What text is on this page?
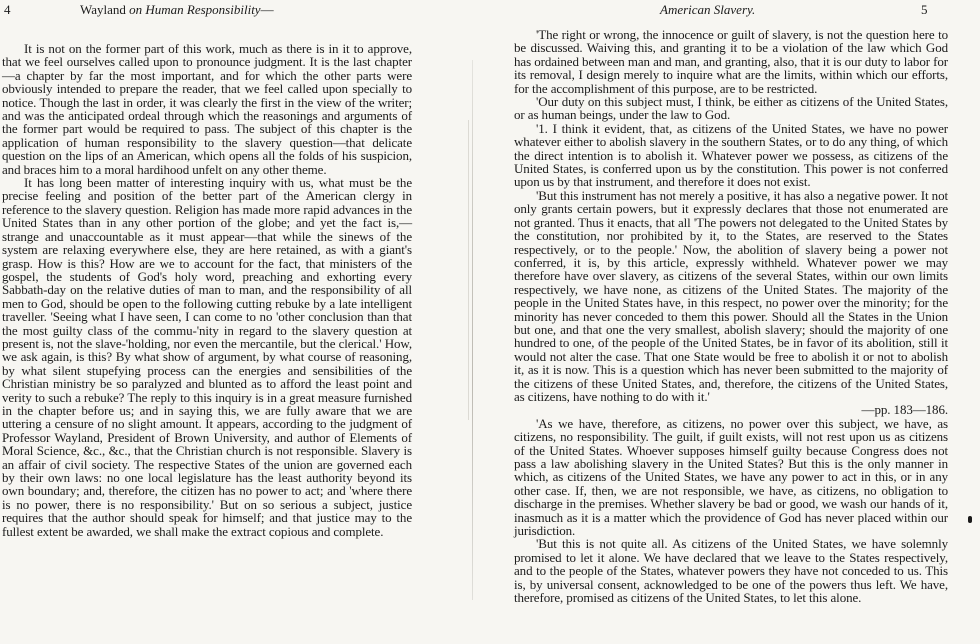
4	Wayland on Human Responsibility—

It is not on the former part of this work, much as there is in it to approve, that we feel ourselves called upon to pronounce judgment. It is the last chapter—a chapter by far the most important, and for which the other parts were obviously intended to prepare the reader, that we feel called upon specially to notice. Though the last in order, it was clearly the first in the view of the writer; and was the anticipated ordeal through which the reasonings and arguments of the former part would be required to pass. The subject of this chapter is the application of human responsibility to the slavery question—that delicate question on the lips of an American, which opens all the folds of his suspicion, and braces him to a moral hardihood unfelt on any other theme.

It has long been matter of interesting inquiry with us, what must be the precise feeling and position of the better part of the American clergy in reference to the slavery question. Religion has made more rapid advances in the United States than in any other portion of the globe; and yet the fact is,—strange and unaccountable as it must appear—that while the sinews of the system are relaxing everywhere else, they are here retained, as with a giant's grasp. How is this? How are we to account for the fact, that ministers of the gospel, the students of God's holy word, preaching and exhorting every Sabbath-day on the relative duties of man to man, and the responsibility of all men to God, should be open to the following cutting rebuke by a late intelligent traveller. 'Seeing what I have seen, I can come to no 'other conclusion than that the most guilty class of the commu-'nity in regard to the slavery question at present is, not the slave-'holding, nor even the mercantile, but the clerical.' How, we ask again, is this? By what show of argument, by what course of reasoning, by what silent stupefying process can the energies and sensibilities of the Christian ministry be so paralyzed and blunted as to afford the least point and verity to such a rebuke? The reply to this inquiry is in a great measure furnished in the chapter before us; and in saying this, we are fully aware that we are uttering a censure of no slight amount. It appears, according to the judgment of Professor Wayland, President of Brown University, and author of Elements of Moral Science, &c., &c., that the Christian church is not responsible. Slavery is an affair of civil society. The respective States of the union are governed each by their own laws: no one local legislature has the least authority beyond its own boundary; and, therefore, the citizen has no power to act; and 'where there is no power, there is no responsibility.' But on so serious a subject, justice requires that the author should speak for himself; and that justice may to the fullest extent be awarded, we shall make the extract copious and complete.

American Slavery.	5

'The right or wrong, the innocence or guilt of slavery, is not the question here to be discussed. Waiving this, and granting it to be a violation of the law which God has ordained between man and man, and granting, also, that it is our duty to labor for its removal, I design merely to inquire what are the limits, within which our efforts, for the accomplishment of this purpose, are to be restricted.

'Our duty on this subject must, I think, be either as citizens of the United States, or as human beings, under the law to God.

'1. I think it evident, that, as citizens of the United States, we have no power whatever either to abolish slavery in the southern States, or to do any thing, of which the direct intention is to abolish it. Whatever power we possess, as citizens of the United States, is conferred upon us by the constitution. This power is not conferred upon us by that instrument, and therefore it does not exist.

'But this instrument has not merely a positive, it has also a negative power. It not only grants certain powers, but it expressly declares that those not enumerated are not granted. Thus it enacts, that all 'The powers not delegated to the United States by the constitution, nor prohibited by it, to the States, are reserved to the States respectively, or to the people.' Now, the abolition of slavery being a power not conferred, it is, by this article, expressly withheld. Whatever power we may therefore have over slavery, as citizens of the several States, within our own limits respectively, we have none, as citizens of the United States. The majority of the people in the United States have, in this respect, no power over the minority; for the minority has never conceded to them this power. Should all the States in the Union but one, and that one the very smallest, abolish slavery; should the majority of one hundred to one, of the people of the United States, be in favor of its abolition, still it would not alter the case. That one State would be free to abolish it or not to abolish it, as it is now. This is a question which has never been submitted to the majority of the citizens of these United States, and, therefore, the citizens of the United States, as citizens, have nothing to do with it.'

—pp. 183—186.

'As we have, therefore, as citizens, no power over this subject, we have, as citizens, no responsibility. The guilt, if guilt exists, will not rest upon us as citizens of the United States. Whoever supposes himself guilty because Congress does not pass a law abolishing slavery in the United States? But this is the only manner in which, as citizens of the United States, we have any power to act in this, or in any other case. If, then, we are not responsible, we have, as citizens, no obligation to discharge in the premises. Whether slavery be bad or good, we wash our hands of it, inasmuch as it is a matter which the providence of God has never placed within our jurisdiction.

'But this is not quite all. As citizens of the United States, we have solemnly promised to let it alone. We have declared that we leave to the States respectively, and to the people of the States, whatever powers they have not conceded to us. This is, by universal consent, acknowledged to be one of the powers thus left. We have, therefore, promised as citizens of the United States, to let this alone.
